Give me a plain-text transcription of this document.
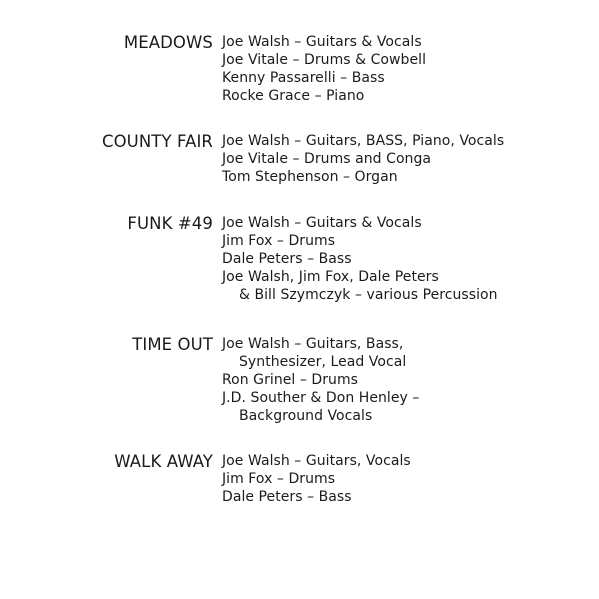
MEADOWS Joe Walsh – Guitars & Vocals
Joe Vitale – Drums & Cowbell
Kenny Passarelli – Bass
Rocke Grace – Piano
COUNTY FAIR Joe Walsh – Guitars, BASS, Piano, Vocals
Joe Vitale – Drums and Conga
Tom Stephenson – Organ
FUNK #49 Joe Walsh – Guitars & Vocals
Jim Fox – Drums
Dale Peters – Bass
Joe Walsh, Jim Fox, Dale Peters
& Bill Szymczyk – various Percussion
TIME OUT Joe Walsh – Guitars, Bass,
Synthesizer, Lead Vocal
Ron Grinel – Drums
J.D. Souther & Don Henley –
Background Vocals
WALK AWAY Joe Walsh – Guitars, Vocals
Jim Fox – Drums
Dale Peters – Bass
